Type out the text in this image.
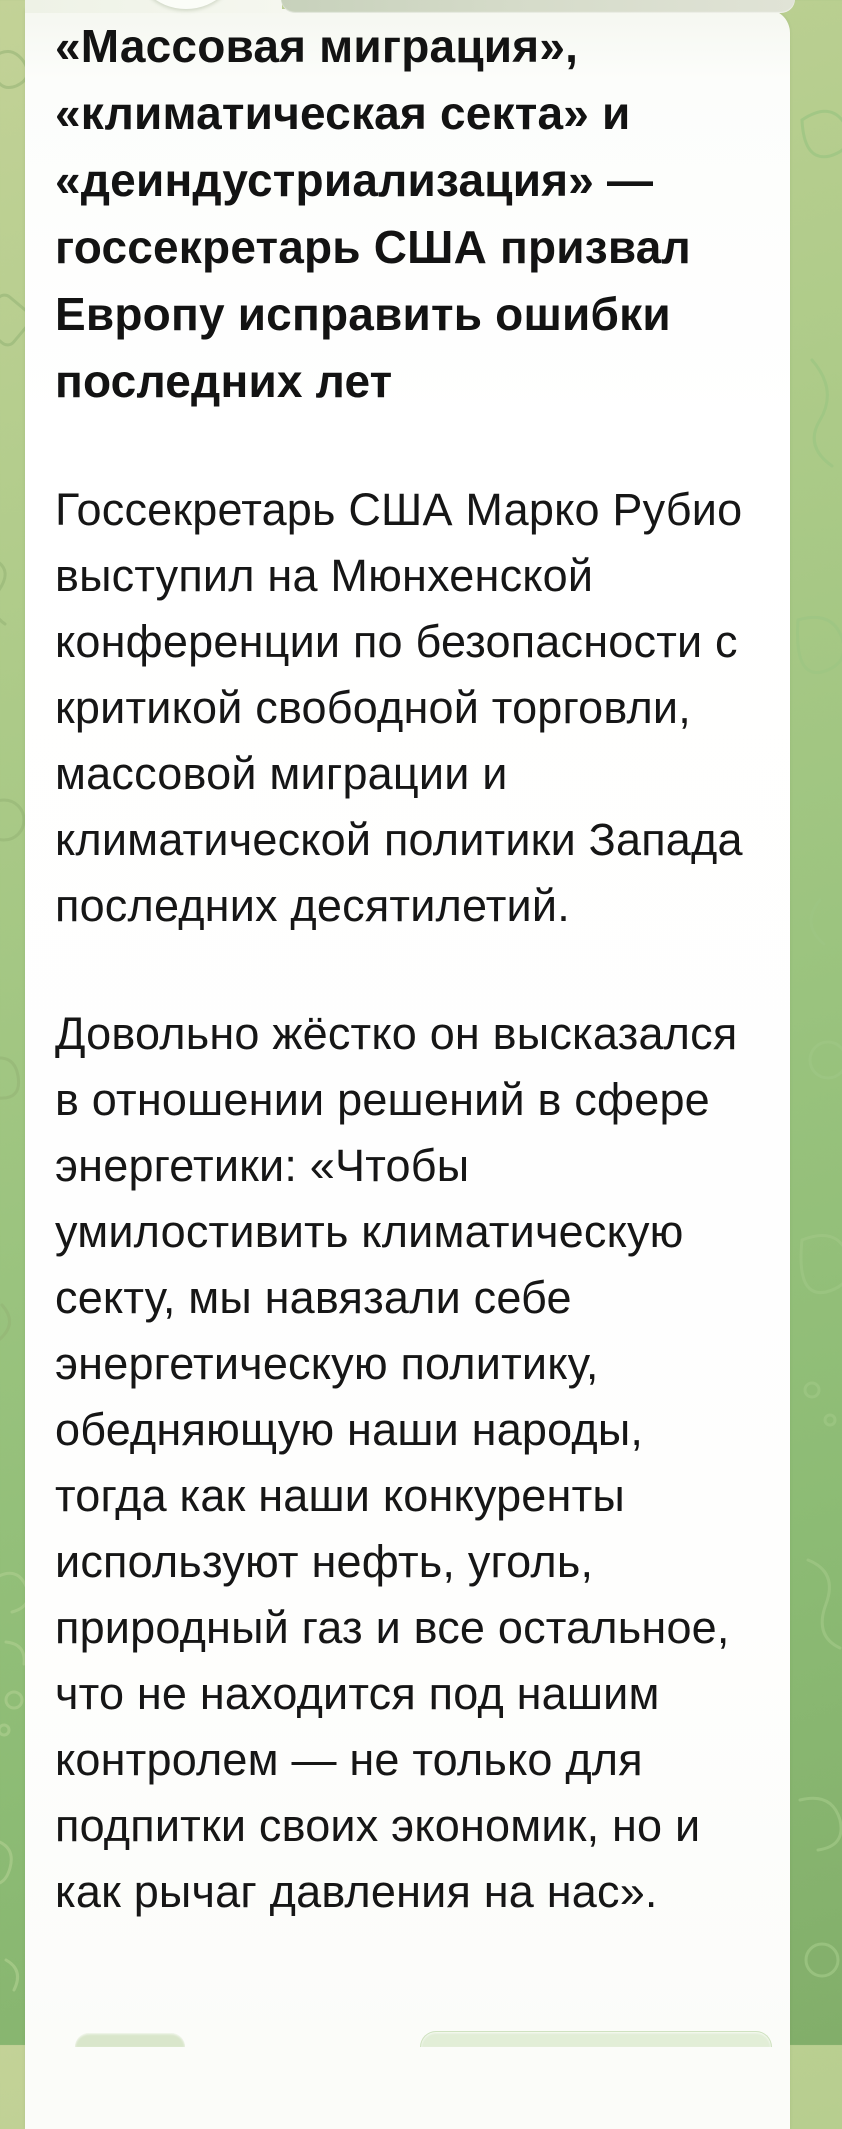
«Массовая миграция», «климатическая секта» и «деиндустриализация» — госсекретарь США призвал Европу исправить ошибки последних лет

Госсекретарь США Марко Рубио выступил на Мюнхенской конференции по безопасности с критикой свободной торговли, массовой миграции и климатической политики Запада последних десятилетий.

Довольно жёстко он высказался в отношении решений в сфере энергетики: «Чтобы умилостивить климатическую секту, мы навязали себе энергетическую политику, обедняющую наши народы, тогда как наши конкуренты используют нефть, уголь, природный газ и все остальное, что не находится под нашим контролем — не только для подпитки своих экономик, но и как рычаг давления на нас».
